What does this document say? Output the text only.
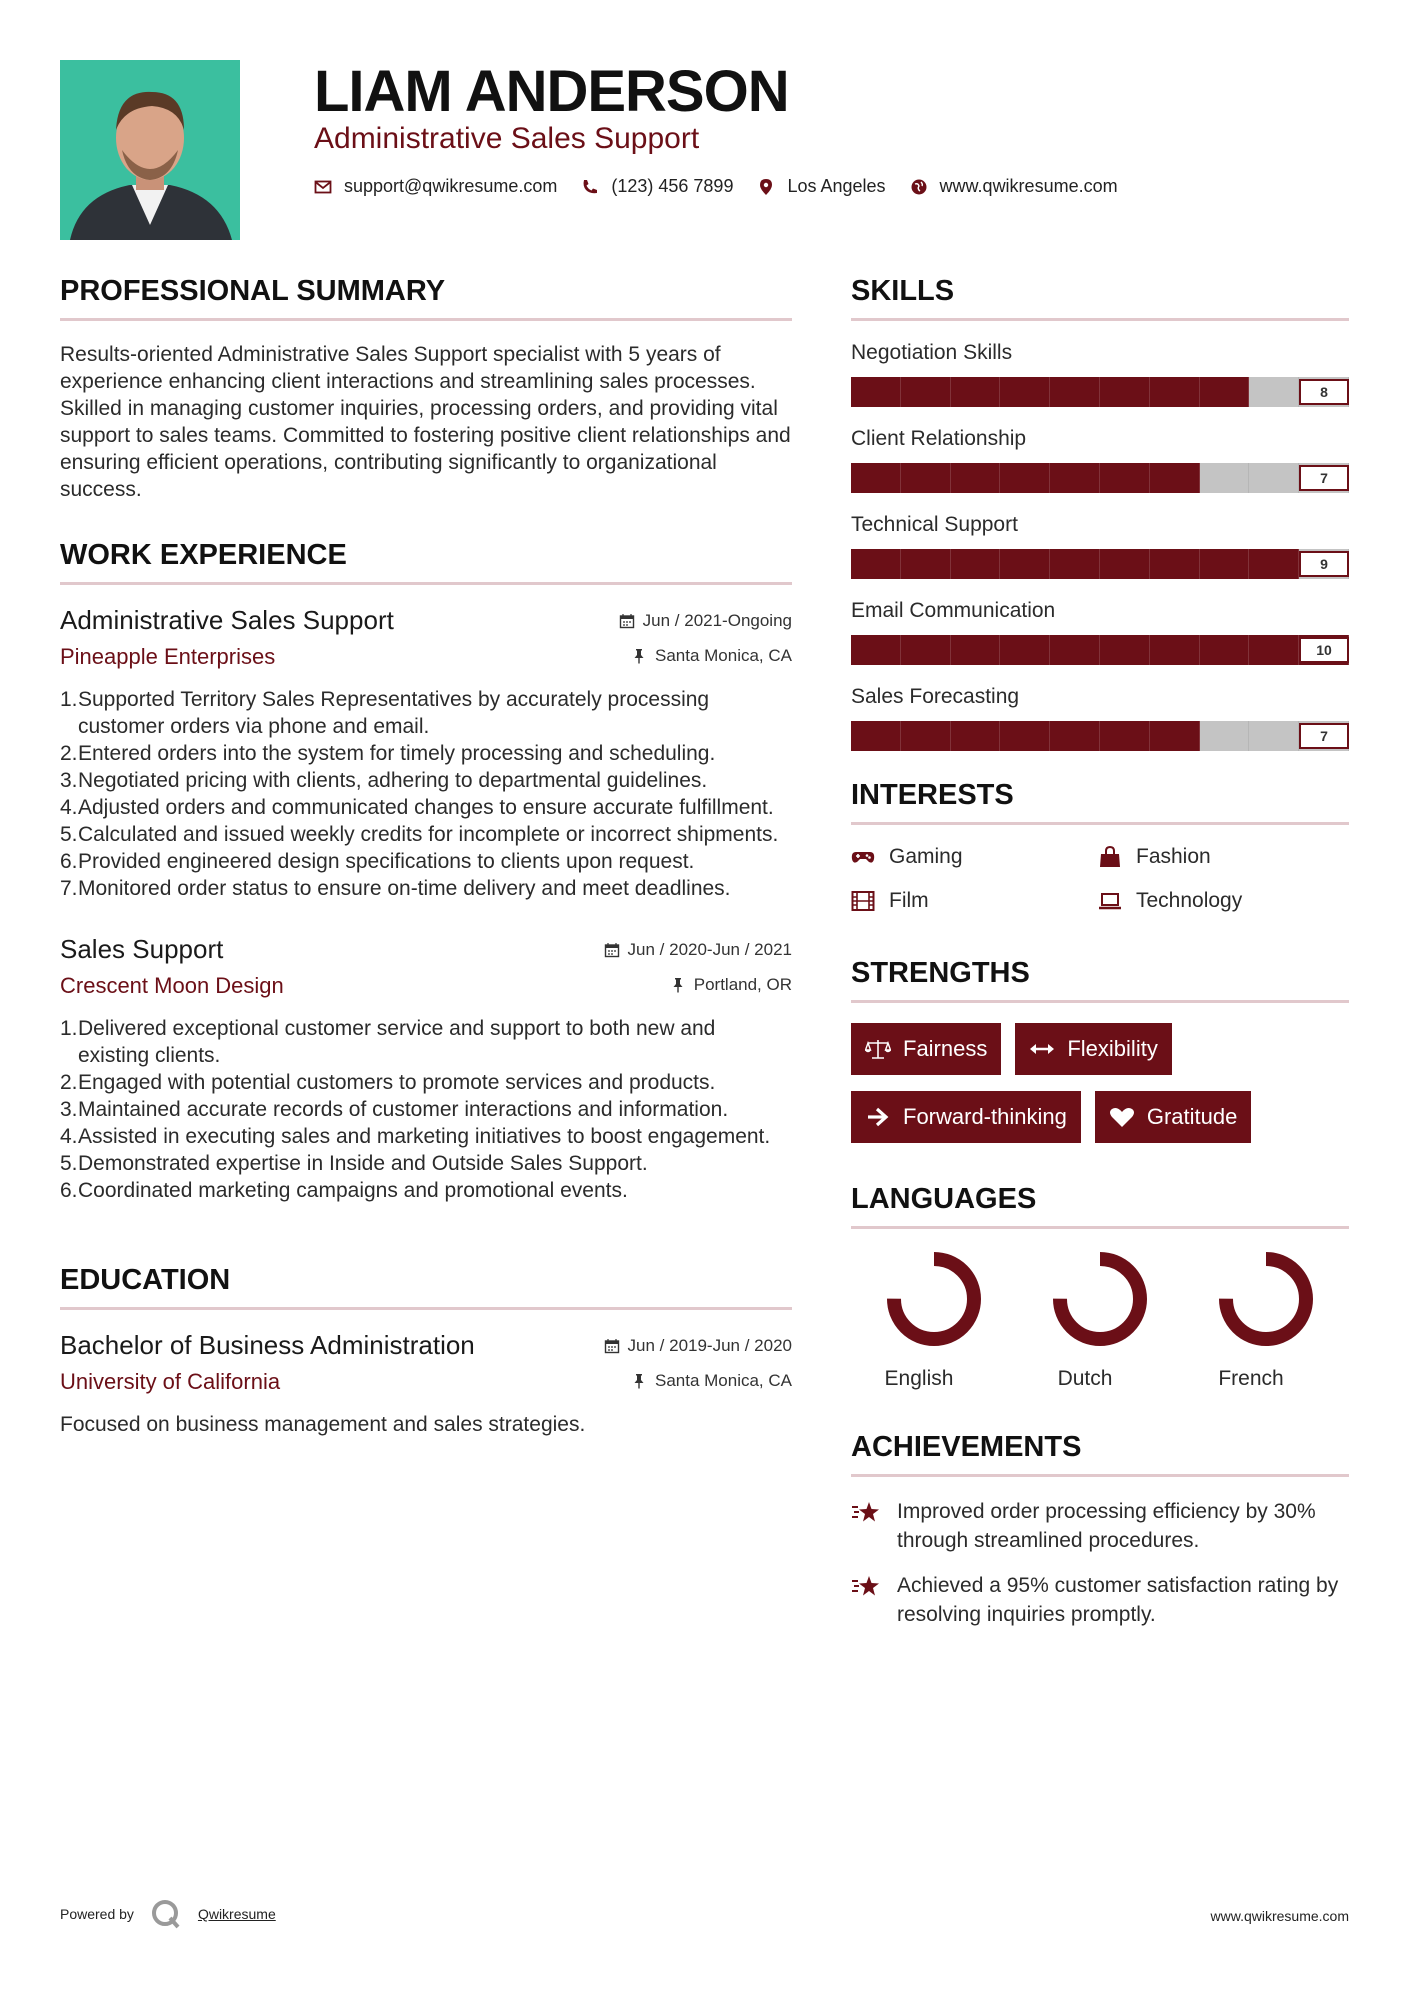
LIAM ANDERSON
Administrative Sales Support
support@qwikresume.com	(123) 456 7899	Los Angeles	www.qwikresume.com
PROFESSIONAL SUMMARY

Results-oriented Administrative Sales Support specialist with 5 years of experience enhancing client interactions and streamlining sales processes. Skilled in managing customer inquiries, processing orders, and providing vital support to sales teams. Committed to fostering positive client relationships and ensuring efficient operations, contributing significantly to organizational success.

WORK EXPERIENCE
Administrative Sales Support	Jun / 2021-Ongoing
Pineapple Enterprises	Santa Monica, CA
1. Supported Territory Sales Representatives by accurately processing customer orders via phone and email.
2. Entered orders into the system for timely processing and scheduling.
3. Negotiated pricing with clients, adhering to departmental guidelines.
4. Adjusted orders and communicated changes to ensure accurate fulfillment.
5. Calculated and issued weekly credits for incomplete or incorrect shipments.
6. Provided engineered design specifications to clients upon request.
7. Monitored order status to ensure on-time delivery and meet deadlines.
Sales Support	Jun / 2020-Jun / 2021
Crescent Moon Design	Portland, OR
1. Delivered exceptional customer service and support to both new and existing clients.
2. Engaged with potential customers to promote services and products.
3. Maintained accurate records of customer interactions and information.
4. Assisted in executing sales and marketing initiatives to boost engagement.
5. Demonstrated expertise in Inside and Outside Sales Support.
6. Coordinated marketing campaigns and promotional events.
EDUCATION
Bachelor of Business Administration	Jun / 2019-Jun / 2020
University of California	Santa Monica, CA

Focused on business management and sales strategies.

SKILLS
Negotiation Skills
8
Client Relationship
7
Technical Support
9
Email Communication
10
Sales Forecasting
7
INTERESTS
Gaming	Fashion
Film	Technology
STRENGTHS
Fairness	Flexibility
Forward-thinking	Gratitude
LANGUAGES
English	Dutch	French
ACHIEVEMENTS
Improved order processing efficiency by 30% through streamlined procedures.
Achieved a 95% customer satisfaction rating by resolving inquiries promptly.
Powered by	Qwikresume	www.qwikresume.com
